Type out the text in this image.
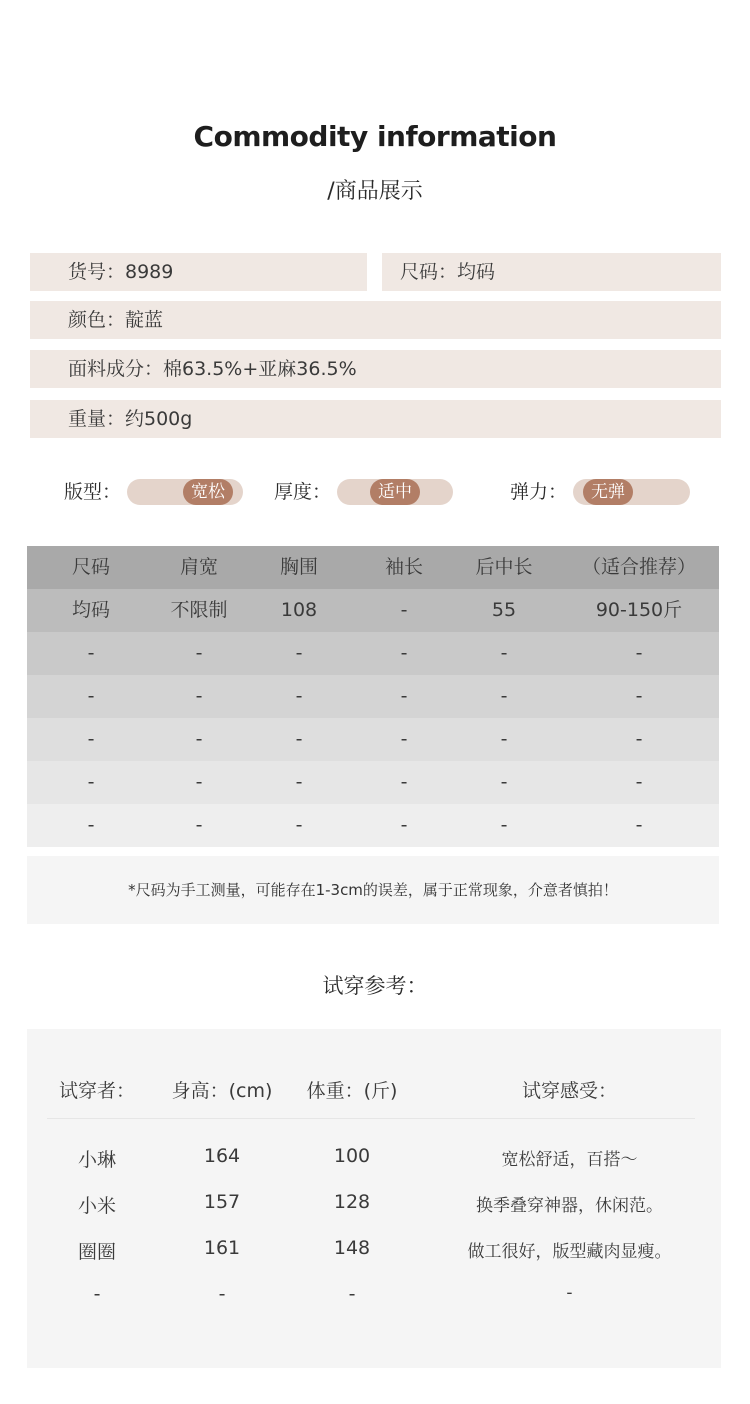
Commodity information
/商品展示
货号：8989	尺码：均码
颜色：靛蓝
面料成分：棉63.5%+亚麻36.5%
重量：约500g
版型：	宽松	厚度：	适中	弹力：	无弹
尺码	肩宽	胸围	袖长	后中长	（适合推荐）
均码	不限制	108	-	55	90-150斤
-	-	-	-	-	-
-	-	-	-	-	-
-	-	-	-	-	-
-	-	-	-	-	-
-	-	-	-	-	-
*尺码为手工测量，可能存在1-3cm的误差，属于正常现象，介意者慎拍！
试穿参考：
试穿者：	身高：(cm)	体重：(斤)	试穿感受：
小琳	164	100	宽松舒适，百搭～
小米	157	128	换季叠穿神器，休闲范。
圈圈	161	148	做工很好，版型藏肉显瘦。
-	-	-	-
